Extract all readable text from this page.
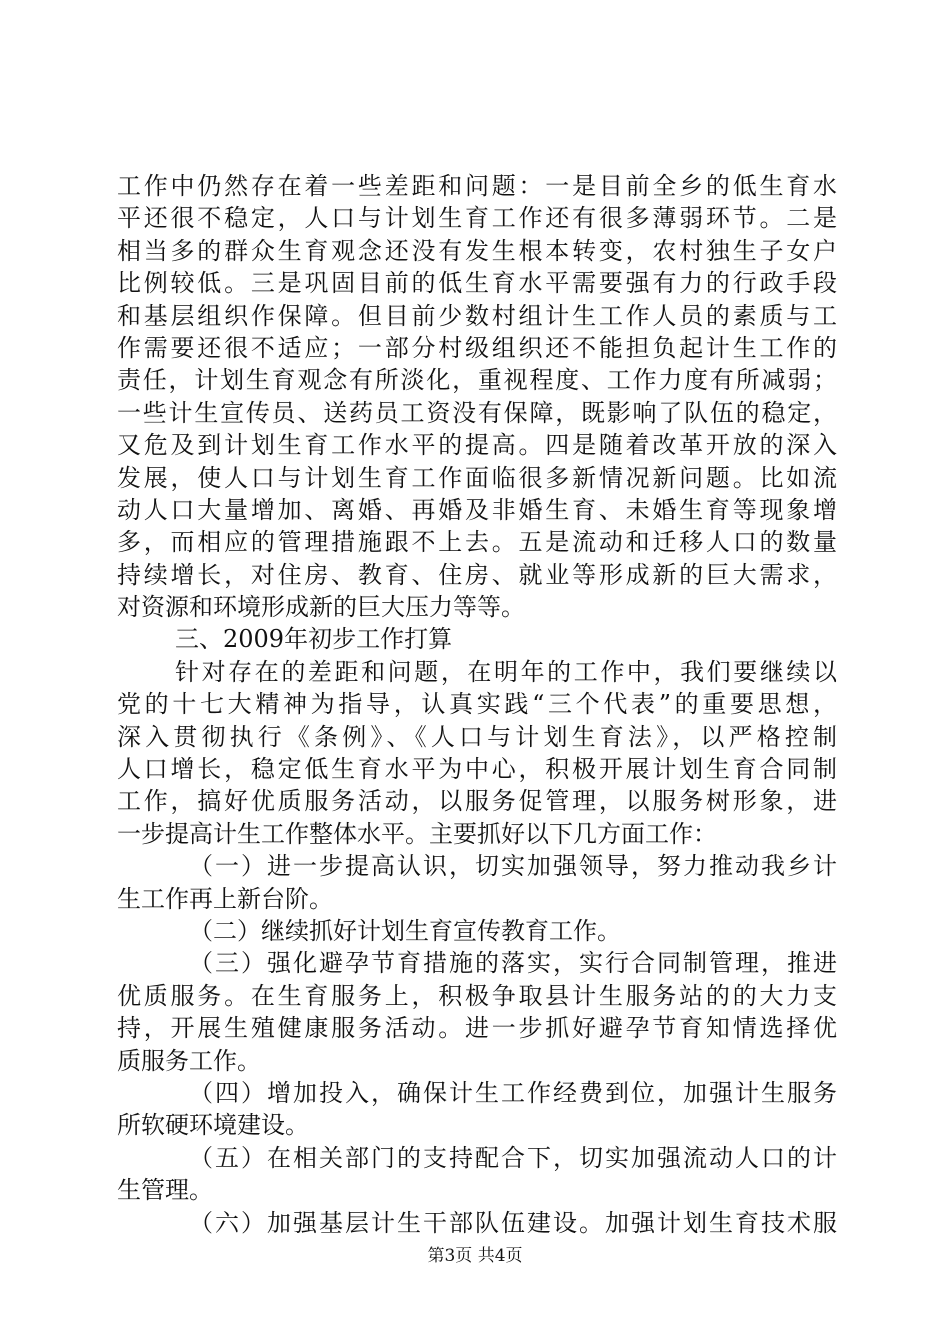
工作中仍然存在着一些差距和问题：一是目前全乡的低生育水
平还很不稳定，人口与计划生育工作还有很多薄弱环节。二是
相当多的群众生育观念还没有发生根本转变，农村独生子女户
比例较低。三是巩固目前的低生育水平需要强有力的行政手段
和基层组织作保障。但目前少数村组计生工作人员的素质与工
作需要还很不适应；一部分村级组织还不能担负起计生工作的
责任，计划生育观念有所淡化，重视程度、工作力度有所减弱；
一些计生宣传员、送药员工资没有保障，既影响了队伍的稳定，
又危及到计划生育工作水平的提高。四是随着改革开放的深入
发展，使人口与计划生育工作面临很多新情况新问题。比如流
动人口大量增加、离婚、再婚及非婚生育、未婚生育等现象增
多，而相应的管理措施跟不上去。五是流动和迁移人口的数量
持续增长，对住房、教育、住房、就业等形成新的巨大需求，
对资源和环境形成新的巨大压力等等。
三、2009年初步工作打算
针对存在的差距和问题，在明年的工作中，我们要继续以
党的十七大精神为指导，认真实践“三个代表”的重要思想，
深入贯彻执行《条例》、《人口与计划生育法》，以严格控制
人口增长，稳定低生育水平为中心，积极开展计划生育合同制
工作，搞好优质服务活动，以服务促管理，以服务树形象，进
一步提高计生工作整体水平。主要抓好以下几方面工作：
（一）进一步提高认识，切实加强领导，努力推动我乡计
生工作再上新台阶。
（二）继续抓好计划生育宣传教育工作。
（三）强化避孕节育措施的落实，实行合同制管理，推进
优质服务。在生育服务上，积极争取县计生服务站的的大力支
持，开展生殖健康服务活动。进一步抓好避孕节育知情选择优
质服务工作。
（四）增加投入，确保计生工作经费到位，加强计生服务
所软硬环境建设。
（五）在相关部门的支持配合下，切实加强流动人口的计
生管理。
（六）加强基层计生干部队伍建设。加强计划生育技术服
第3页 共4页
